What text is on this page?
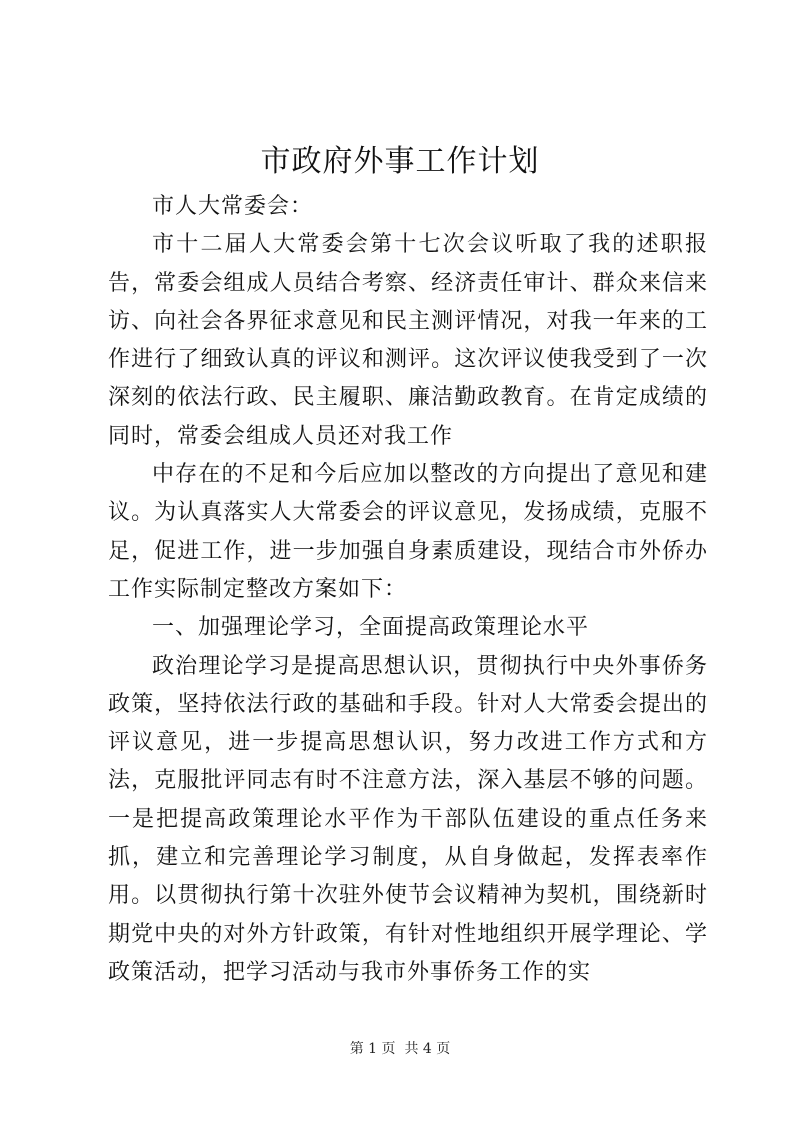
市政府外事工作计划

市人大常委会：

市十二届人大常委会第十七次会议听取了我的述职报告，常委会组成人员结合考察、经济责任审计、群众来信来访、向社会各界征求意见和民主测评情况，对我一年来的工作进行了细致认真的评议和测评。这次评议使我受到了一次深刻的依法行政、民主履职、廉洁勤政教育。在肯定成绩的同时，常委会组成人员还对我工作

中存在的不足和今后应加以整改的方向提出了意见和建议。为认真落实人大常委会的评议意见，发扬成绩，克服不足，促进工作，进一步加强自身素质建设，现结合市外侨办工作实际制定整改方案如下：

一、加强理论学习，全面提高政策理论水平

政治理论学习是提高思想认识，贯彻执行中央外事侨务政策，坚持依法行政的基础和手段。针对人大常委会提出的评议意见，进一步提高思想认识，努力改进工作方式和方法，克服批评同志有时不注意方法，深入基层不够的问题。一是把提高政策理论水平作为干部队伍建设的重点任务来抓，建立和完善理论学习制度，从自身做起，发挥表率作用。以贯彻执行第十次驻外使节会议精神为契机，围绕新时期党中央的对外方针政策，有针对性地组织开展学理论、学政策活动，把学习活动与我市外事侨务工作的实

第 1 页  共 4 页
